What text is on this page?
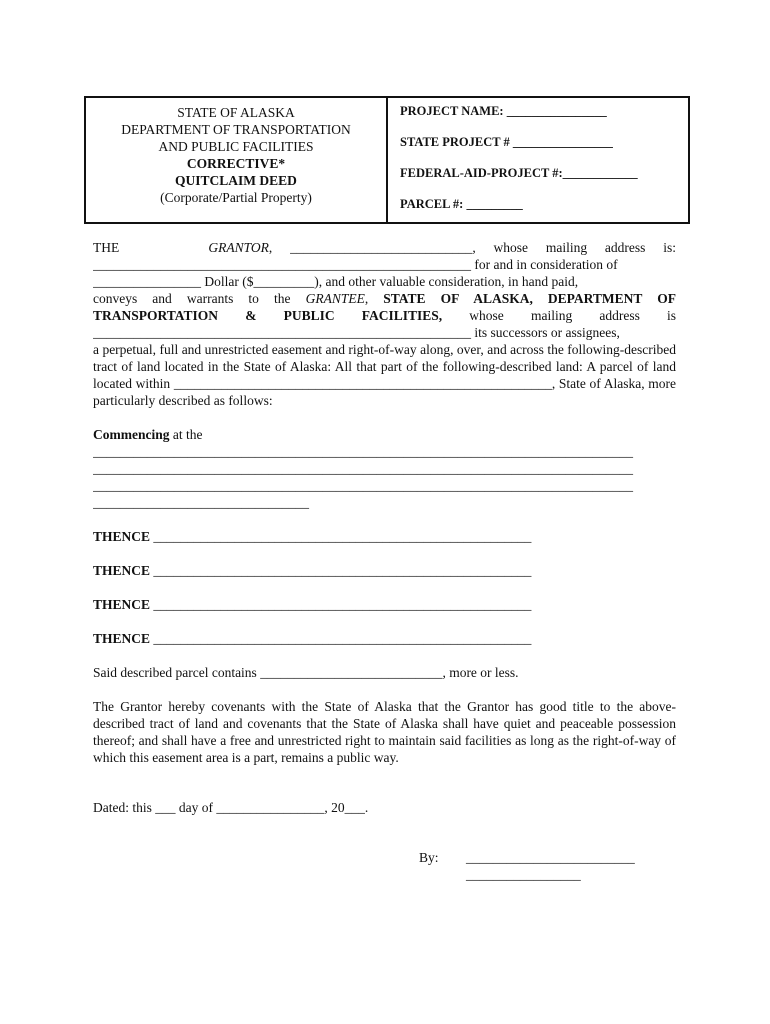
STATE OF ALASKA
DEPARTMENT OF TRANSPORTATION
AND PUBLIC FACILITIES
CORRECTIVE*
QUITCLAIM DEED
(Corporate/Partial Property)
PROJECT NAME: ________________
STATE PROJECT # ________________
FEDERAL-AID-PROJECT #:____________
PARCEL #: _________

THE	GRANTOR, ___________________________, whose mailing address is:

________________________________________________________ for and in consideration of

________________ Dollar ($_________), and other valuable consideration, in hand paid,

conveys and warrants to the GRANTEE, STATE OF ALASKA, DEPARTMENT OF

TRANSPORTATION & PUBLIC FACILITIES, whose mailing address is

________________________________________________________ its successors or assignees,

a perpetual, full and unrestricted easement and right-of-way along, over, and across the following-described tract of land located in the State of Alaska: All that part of the following-described land: A parcel of land located within ________________________________________________________, State of Alaska, more particularly described as follows:

Commencing at the

________________________________________________________________________________

________________________________________________________________________________

________________________________________________________________________________

________________________________

THENCE ________________________________________________________

THENCE ________________________________________________________

THENCE ________________________________________________________

THENCE ________________________________________________________

Said described parcel contains ___________________________, more or less.

The Grantor hereby covenants with the State of Alaska that the Grantor has good title to the above-described tract of land and covenants that the State of Alaska shall have quiet and peaceable possession thereof; and shall have a free and unrestricted right to maintain said facilities as long as the right-of-way of which this easement area is a part, remains a public way.

Dated: this ___ day of ________________, 20___.

By: _________________________
_________________
